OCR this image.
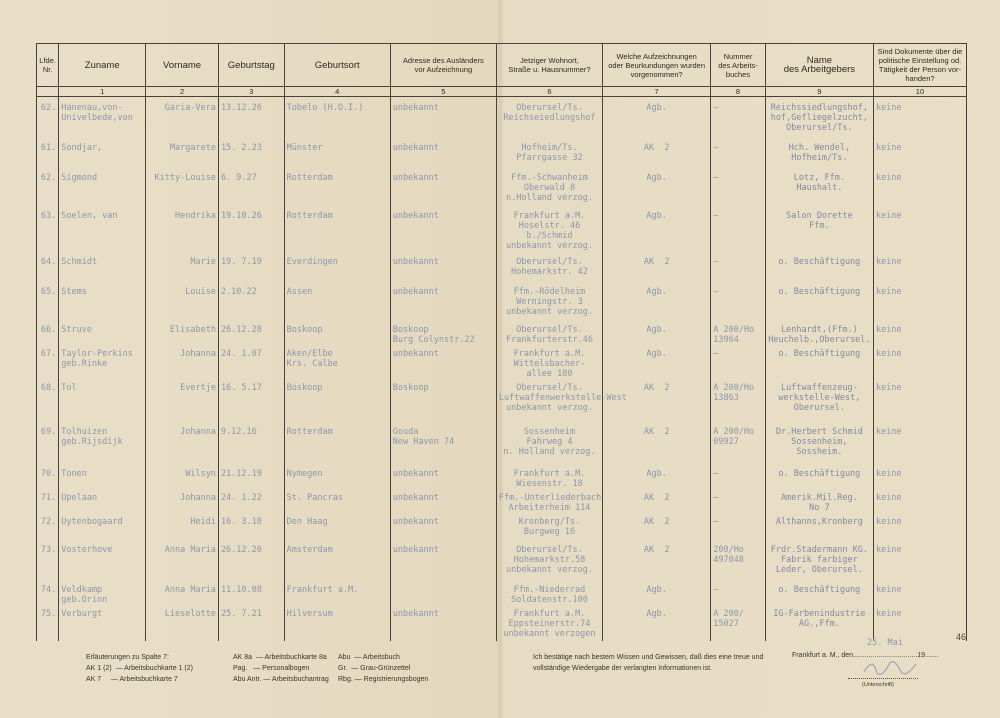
Lfde.
Nr.	Zuname	Vorname	Geburtstag	Geburtsort	Adresse des Ausländers
vor Aufzeichnung	Jetziger Wohnort,
Straße u. Hausnummer?	Welche Aufzeichnungen
oder Beurkundungen wurden
vorgenommen?	Nummer
des Arbeits-
buches	Name
des Arbeitgebers	Sind Dokumente über die
politische Einstellung od.
Tätigkeit der Person vor-
handen?
	1	2	3	4	5	6	7	8	9	10
62.	Hanenau,von-
Univelbede,von	Garia-Vera	13.12.26	Tobelo (H.O.I.)	unbekannt	Oberursel/Ts.
Reichseiedlungshof	Agb.	—	Reichssiedlungshof,
hof,Gefliegelzucht,
Oberursel/Ts.	keine
61.	Sondjar,	Margarete	15. 2.23	Münster	unbekannt	Hofheim/Ts.
Pfarrgasse 32	AK  2	—	Hch. Wendel,
Hofheim/Ts.	keine
62.	Sigmond	Kitty-Louise	6. 9.27	Rotterdam	unbekannt	Ffm.-Schwanheim
Oberwald 8
n.Holland verzog.	Agb.	—	Lotz, Ffm.
Haushalt.	keine
63.	Soelen, van	Hendrika	19.10.26	Rotterdam	unbekannt	Frankfurt a.M.
Hoselstr. 46
b./Schmid
unbekannt verzog.	Agb.	—	Salon Dorette
Ffm.	keine
64.	Schmidt	Marie	19. 7.19	Everdingen	unbekannt	Oberursel/Ts.
Hohemarkstr. 42	AK  2	—	o. Beschäftigung	keine
65.	Stems	Louise	2.10.22	Assen	unbekannt	Ffm.-Rödelheim
Werningstr. 3
unbekannt verzog.	Agb.	—	o. Beschäftigung	keine
66.	Struve	Elisabeth	26.12.28	Boskoop	Boskoop
Burg Colynstr.22	Oberursel/Ts.
Frankfurterstr.46	Agb.	A 200/Ho
13964	Lenhardt,(Ffm.)
Heuchelb.,Oberursel.	keine
67.	Taylor-Perkins
geb.Rinke	Johanna	24. 1.07	Aken/Elbe
Krs. Calbe	unbekannt	Frankfurt a.M.
Wittelsbacher-
allee 180	Agb.	—	o. Beschäftigung	keine
68.	Tol	Evertje	16. 5.17	Boskoop	Boskoop	Oberursel/Ts.
Luftwaffenwerkstelle-West
unbekannt verzog.	AK  2	A 200/Ho
13863	Luftwaffenzeug-
werkstelle-West,
Oberursel.	keine
69.	Tolhuizen
geb.Rijsdijk	Johanna	9.12.16	Rotterdam	Gouda
New Haven 74	Sossenheim
Fahrweg 4
n. Holland verzog.	AK  2	A 200/Ho
09927	Dr.Herbert Schmid
Sossenheim,
Sossheim.	keine
70.	Tonen	Wilsyn	21.12.19	Nymegen	unbekannt	Frankfurt a.M.
Wiesenstr. 18	Agb.	—	o. Beschäftigung	keine
71.	Upelaan	Johanna	24. 1.22	St. Pancras	unbekannt	Ffm.-Unterliederbach
Arbeiterheim 114	AK  2	—	Amerik.Mil.Reg.
No 7	keine
72.	Uytenbogaard	Heidi	16. 3.18	Den Haag	unbekannt	Kronberg/Ts.
Burgweg 16	AK  2	—	Althanns,Kronberg	keine
73.	Vosterhove	Anna Maria	26.12.20	Amsterdam	unbekannt	Oberursel/Ts.
Hohemarkstr.58
unbekannt verzog.	AK  2	200/Ho
497048	Frdr.Stadermann KG.
Fabrik farbiger
Leder, Oberursel.	keine
74.	Veldkamp
geb.Orinn	Anna Maria	11.10.08	Frankfurt a.M.		Ffm.-Niederrad
Soldatenstr.100	Agb.	—	o. Beschäftigung	keine
75.	Verburgt	Lieselotte	25. 7.21	Hilversum	unbekannt	Frankfurt a.M.
Eppsteinerstr.74
unbekannt verzogen	Agb.	A 200/
15027	IG-Farbenindustrie
AG.,Ffm.	keine
25. Mai
46
Erläuterungen zu Spalte 7:
AK 1 (2)  — Arbeitsbuchkarte 1 (2)
AK 7     — Arbeitsbuchkarte 7
AK 8a  — Arbeitsbuchkarte 8a
Pag.   — Personalbogen
Abu Antr. — Arbeitsbuchantrag
Abu  — Arbeitsbuch
Gr.  — Grau-Grünzettel
Rbg. — Registrierungsbogen
Ich bestätige nach bestem Wissen und Gewissen, daß dies eine treue und vollständige Wiedergabe der verlangten Informationen ist.
Frankfurt a. M., den.................................19.......
(Unterschrift)
